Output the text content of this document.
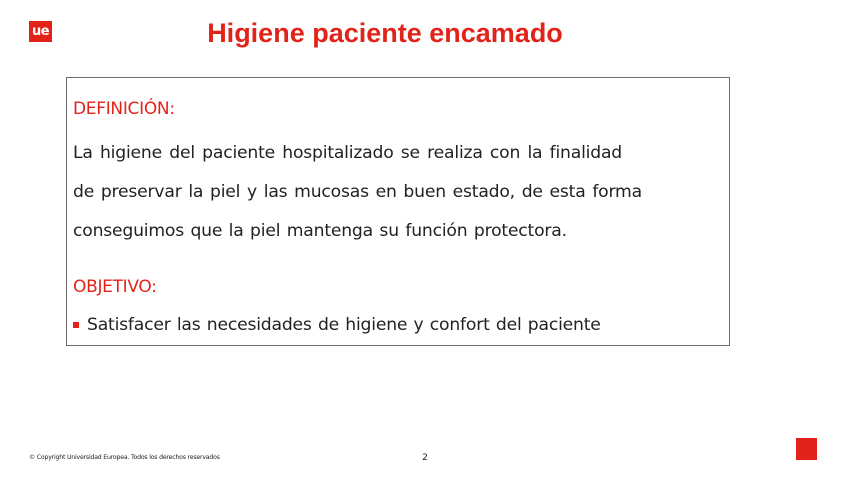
ue	Higiene paciente encamado

DEFINICIÓN:

La higiene del paciente hospitalizado se realiza con la finalidad

de preservar la piel y las mucosas en buen estado, de esta forma

conseguimos que la piel mantenga su función protectora.

OBJETIVO:

Satisfacer las necesidades de higiene y confort del paciente
© Copyright Universidad Europea. Todos los derechos reservados	2
